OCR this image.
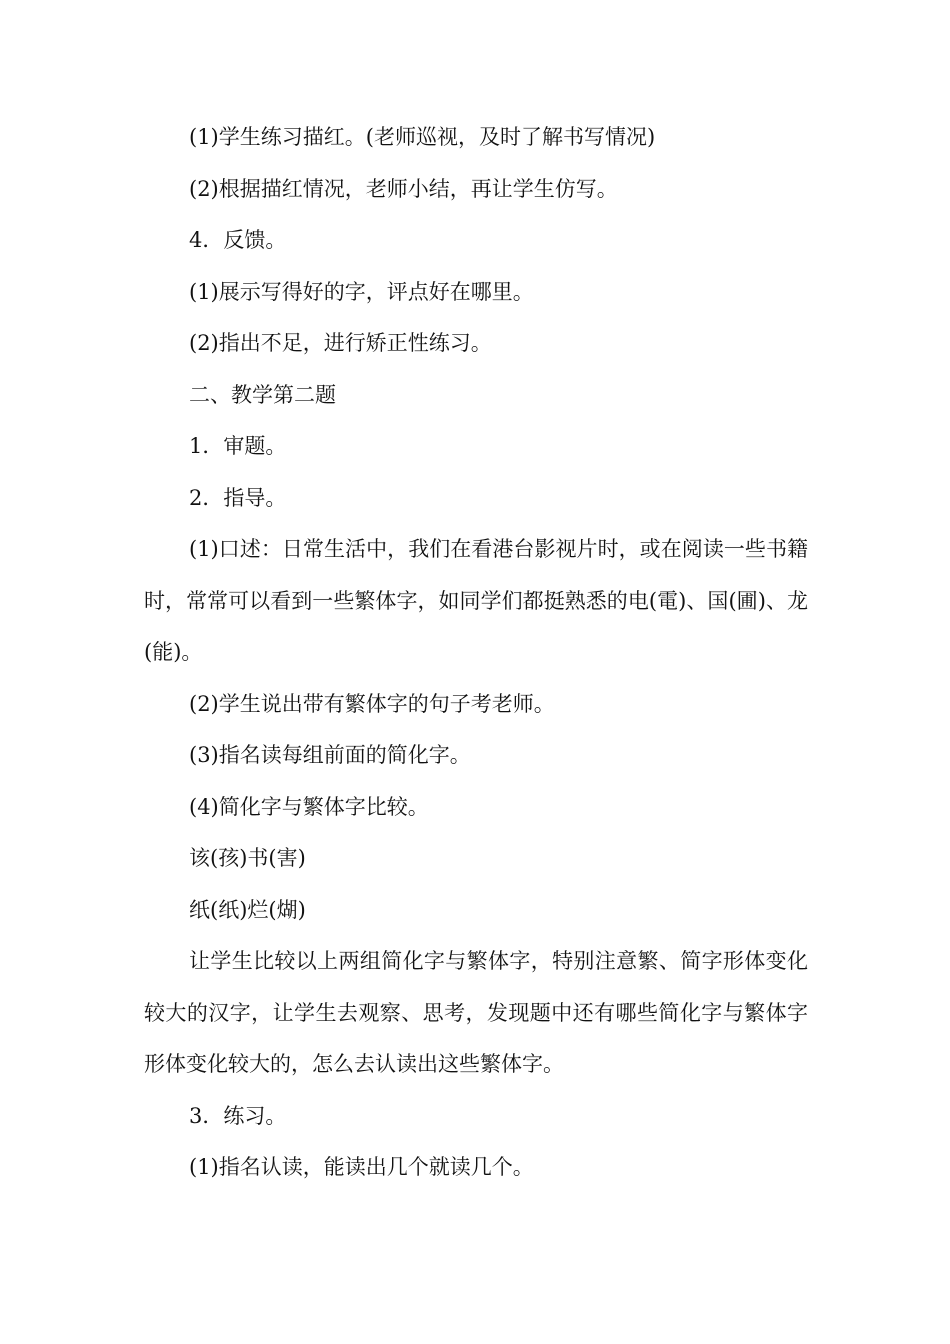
(1)学生练习描红。(老师巡视，及时了解书写情况)

(2)根据描红情况，老师小结，再让学生仿写。

4．反馈。

(1)展示写得好的字，评点好在哪里。

(2)指出不足，进行矫正性练习。

二、教学第二题

1．审题。

2．指导。

(1)口述：日常生活中，我们在看港台影视片时，或在阅读一些书籍时，常常可以看到一些繁体字，如同学们都挺熟悉的电(電)、国(圃)、龙(能)。

(2)学生说出带有繁体字的句子考老师。

(3)指名读每组前面的简化字。

(4)简化字与繁体字比较。

该(孩)书(害)

纸(纸)烂(煳)

让学生比较以上两组简化字与繁体字，特别注意繁、简字形体变化较大的汉字，让学生去观察、思考，发现题中还有哪些简化字与繁体字形体变化较大的，怎么去认读出这些繁体字。

3．练习。

(1)指名认读，能读出几个就读几个。
